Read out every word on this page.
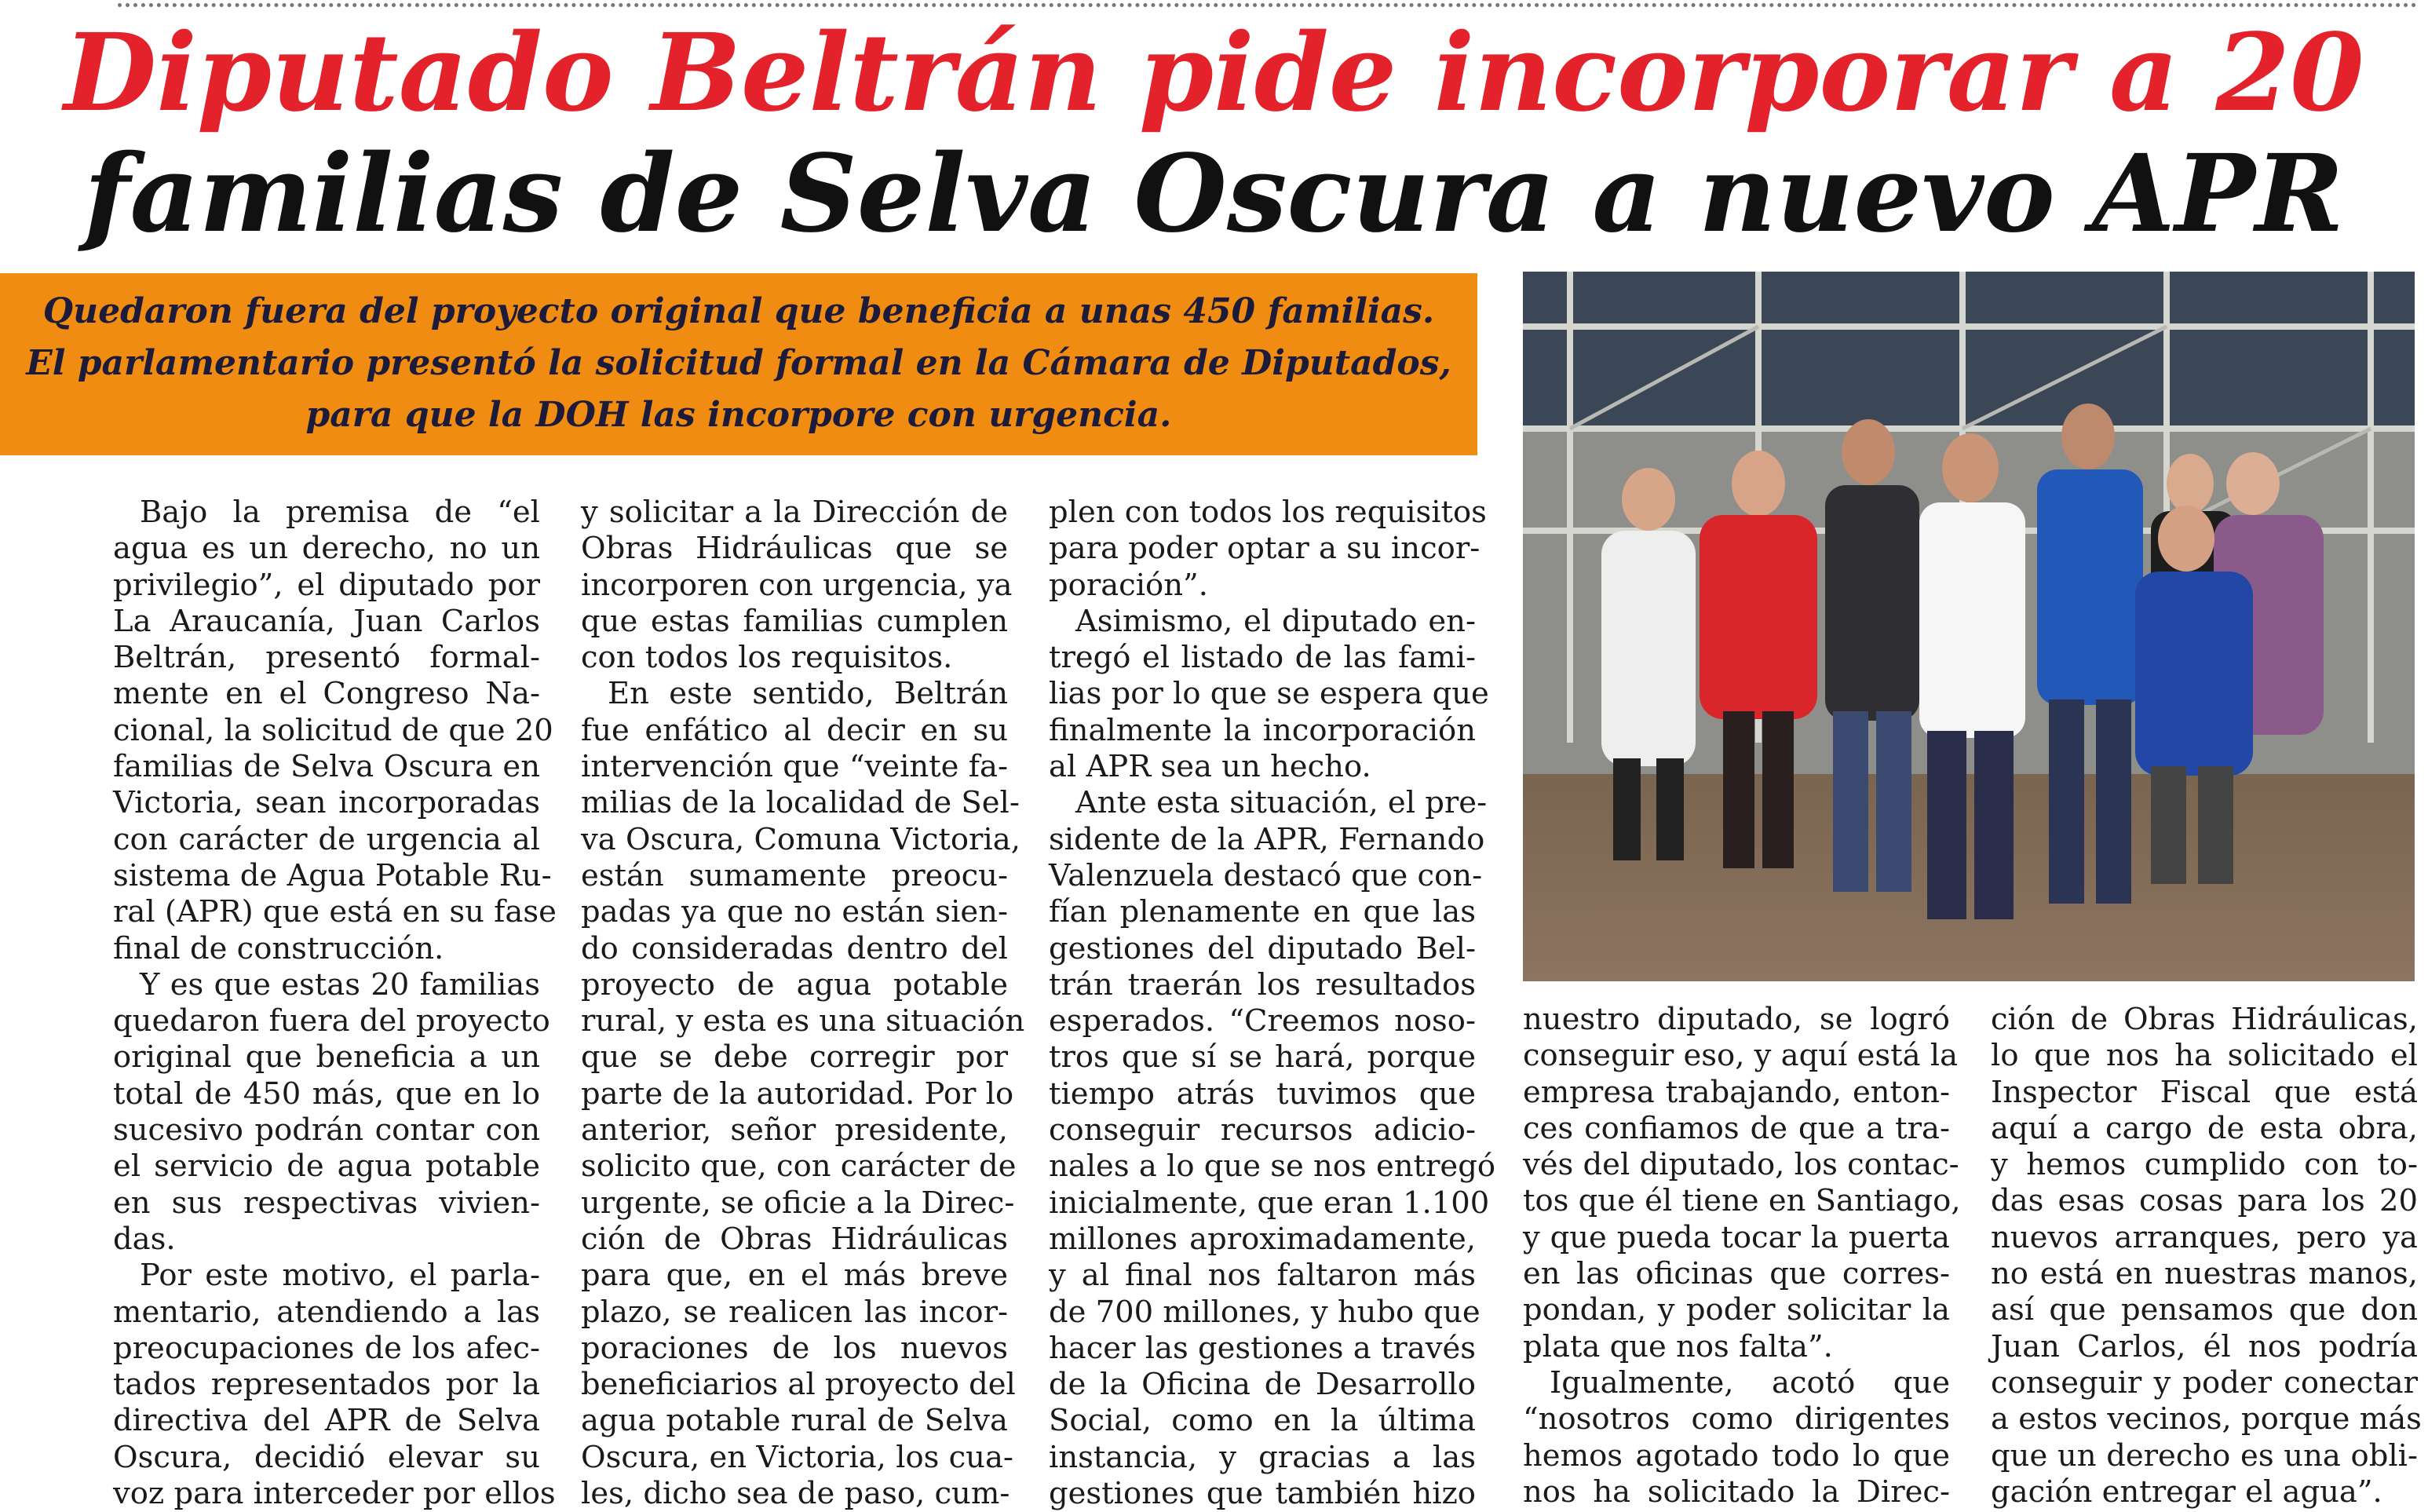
Diputado Beltrán pide incorporar a 20
familias de Selva Oscura a nuevo APR

Quedaron fuera del proyecto original que beneficia a unas 450 familias.

El parlamentario presentó la solicitud formal en la Cámara de Diputados,

para que la DOH las incorpore con urgencia.

Bajo la premisa de “el
agua es un derecho, no un
privilegio”, el diputado por
La Araucanía, Juan Carlos
Beltrán, presentó formal-
mente en el Congreso Na-
cional, la solicitud de que 20
familias de Selva Oscura en
Victoria, sean incorporadas
con carácter de urgencia al
sistema de Agua Potable Ru-
ral (APR) que está en su fase
final de construcción.
Y es que estas 20 familias
quedaron fuera del proyecto
original que beneficia a un
total de 450 más, que en lo
sucesivo podrán contar con
el servicio de agua potable
en sus respectivas vivien-
das.
Por este motivo, el parla-
mentario, atendiendo a las
preocupaciones de los afec-
tados representados por la
directiva del APR de Selva
Oscura, decidió elevar su
voz para interceder por ellos

y solicitar a la Dirección de
Obras Hidráulicas que se
incorporen con urgencia, ya
que estas familias cumplen
con todos los requisitos.
En este sentido, Beltrán
fue enfático al decir en su
intervención que “veinte fa-
milias de la localidad de Sel-
va Oscura, Comuna Victoria,
están sumamente preocu-
padas ya que no están sien-
do consideradas dentro del
proyecto de agua potable
rural, y esta es una situación
que se debe corregir por
parte de la autoridad. Por lo
anterior, señor presidente,
solicito que, con carácter de
urgente, se oficie a la Direc-
ción de Obras Hidráulicas
para que, en el más breve
plazo, se realicen las incor-
poraciones de los nuevos
beneficiarios al proyecto del
agua potable rural de Selva
Oscura, en Victoria, los cua-
les, dicho sea de paso, cum-

plen con todos los requisitos
para poder optar a su incor-
poración”.
Asimismo, el diputado en-
tregó el listado de las fami-
lias por lo que se espera que
finalmente la incorporación
al APR sea un hecho.
Ante esta situación, el pre-
sidente de la APR, Fernando
Valenzuela destacó que con-
fían plenamente en que las
gestiones del diputado Bel-
trán traerán los resultados
esperados. “Creemos noso-
tros que sí se hará, porque
tiempo atrás tuvimos que
conseguir recursos adicio-
nales a lo que se nos entregó
inicialmente, que eran 1.100
millones aproximadamente,
y al final nos faltaron más
de 700 millones, y hubo que
hacer las gestiones a través
de la Oficina de Desarrollo
Social, como en la última
instancia, y gracias a las
gestiones que también hizo

nuestro diputado, se logró
conseguir eso, y aquí está la
empresa trabajando, enton-
ces confiamos de que a tra-
vés del diputado, los contac-
tos que él tiene en Santiago,
y que pueda tocar la puerta
en las oficinas que corres-
pondan, y poder solicitar la
plata que nos falta”.
Igualmente, acotó que
“nosotros como dirigentes
hemos agotado todo lo que
nos ha solicitado la Direc-

ción de Obras Hidráulicas,
lo que nos ha solicitado el
Inspector Fiscal que está
aquí a cargo de esta obra,
y hemos cumplido con to-
das esas cosas para los 20
nuevos arranques, pero ya
no está en nuestras manos,
así que pensamos que don
Juan Carlos, él nos podría
conseguir y poder conectar
a estos vecinos, porque más
que un derecho es una obli-
gación entregar el agua”.
